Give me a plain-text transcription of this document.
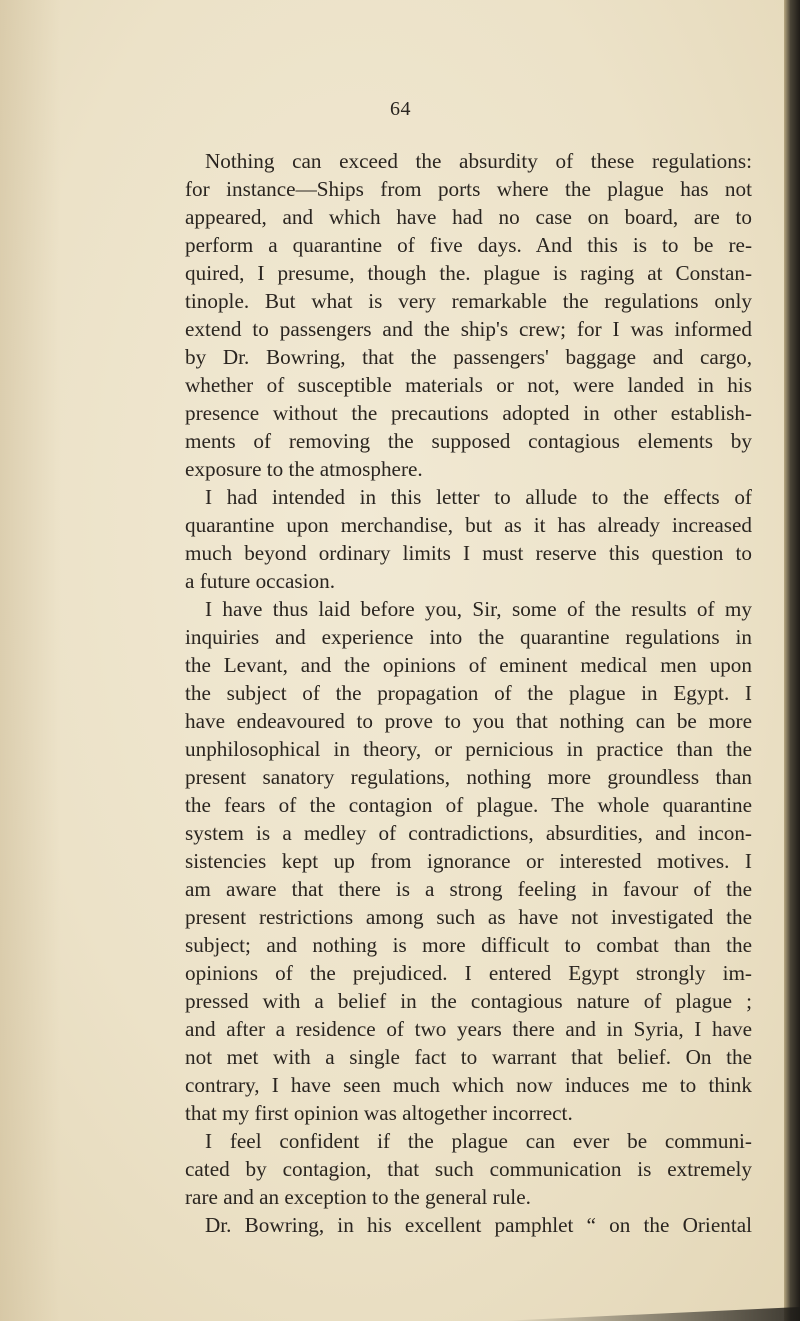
64
Nothing can exceed the absurdity of these regulations:
for instance—Ships from ports where the plague has not
appeared, and which have had no case on board, are to
perform a quarantine of five days. And this is to be re-
quired, I presume, though the. plague is raging at Constan-
tinople. But what is very remarkable the regulations only
extend to passengers and the ship's crew; for I was informed
by Dr. Bowring, that the passengers' baggage and cargo,
whether of susceptible materials or not, were landed in his
presence without the precautions adopted in other establish-
ments of removing the supposed contagious elements by
exposure to the atmosphere.
I had intended in this letter to allude to the effects of
quarantine upon merchandise, but as it has already increased
much beyond ordinary limits I must reserve this question to
a future occasion.
I have thus laid before you, Sir, some of the results of my
inquiries and experience into the quarantine regulations in
the Levant, and the opinions of eminent medical men upon
the subject of the propagation of the plague in Egypt. I
have endeavoured to prove to you that nothing can be more
unphilosophical in theory, or pernicious in practice than the
present sanatory regulations, nothing more groundless than
the fears of the contagion of plague. The whole quarantine
system is a medley of contradictions, absurdities, and incon-
sistencies kept up from ignorance or interested motives. I
am aware that there is a strong feeling in favour of the
present restrictions among such as have not investigated the
subject; and nothing is more difficult to combat than the
opinions of the prejudiced. I entered Egypt strongly im-
pressed with a belief in the contagious nature of plague ;
and after a residence of two years there and in Syria, I have
not met with a single fact to warrant that belief. On the
contrary, I have seen much which now induces me to think
that my first opinion was altogether incorrect.
I feel confident if the plague can ever be communi-
cated by contagion, that such communication is extremely
rare and an exception to the general rule.
Dr. Bowring, in his excellent pamphlet “ on the Oriental
